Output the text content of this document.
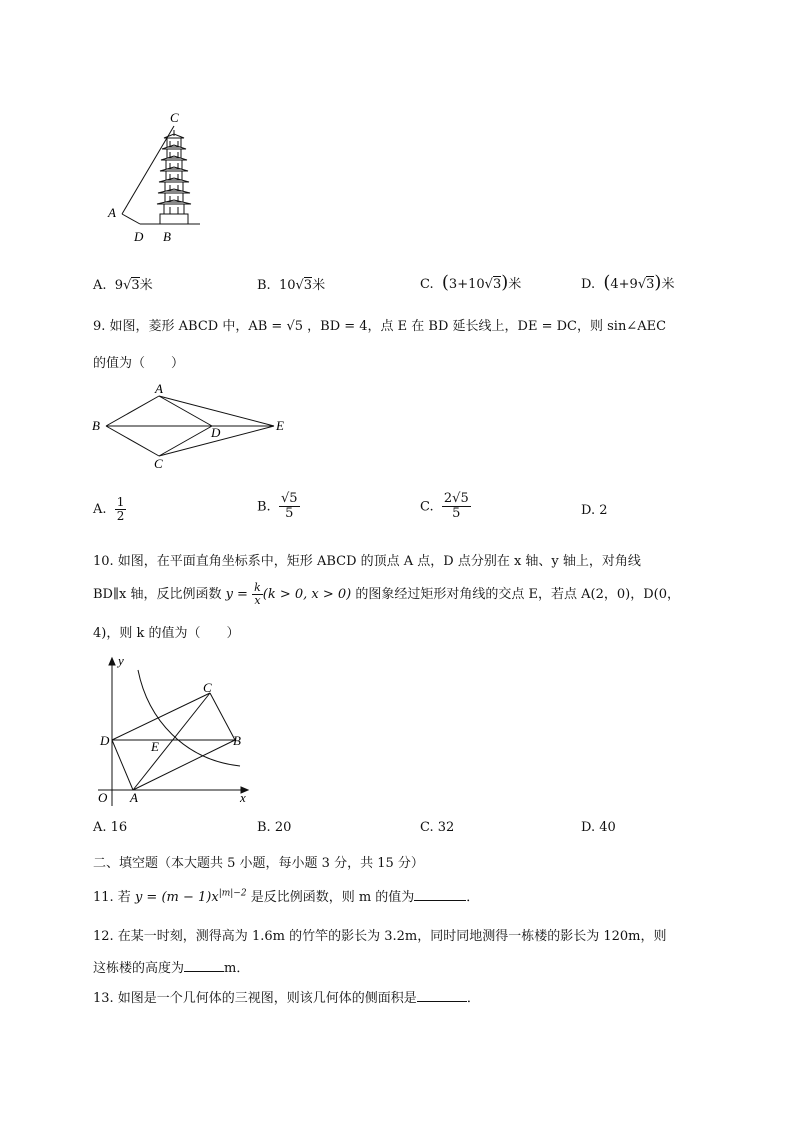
C
A
D B
A. 9√3米	B. 10√3米	C. (3+10√3)米	D. (4+9√3)米
9. 如图，菱形 ABCD 中，AB = √5 ，BD = 4，点 E 在 BD 延长线上，DE = DC，则 sin∠AEC
的值为（　　）
A
B
C
D	E
A. $\frac{1}{2}$	B. $\frac{√5}{5}$	C. $\frac{2√5}{5}$	D. 2
10. 如图，在平面直角坐标系中，矩形 ABCD 的顶点 A 点，D 点分别在 x 轴、y 轴上，对角线
BD∥x 轴，反比例函数 $y = \frac{k}{x} (k > 0$, x > 0) 的图象经过矩形对角线的交点 E，若点 A(2，0)，D(0，
4)，则 k 的值为（　　）
y
x
O A
B
C
D	E
A. 16	B. 20	C. 32	D. 40
二、填空题（本大题共 5 小题，每小题 3 分，共 15 分）
11. 若 $y = (m - 1)x^{|m|-2}$ 是反比例函数，则 m 的值为	．
12. 在某一时刻，测得高为 1.6m 的竹竿的影长为 3.2m，同时同地测得一栋楼的影长为 120m，则
这栋楼的高度为	m．
13. 如图是一个几何体的三视图，则该几何体的侧面积是	．
